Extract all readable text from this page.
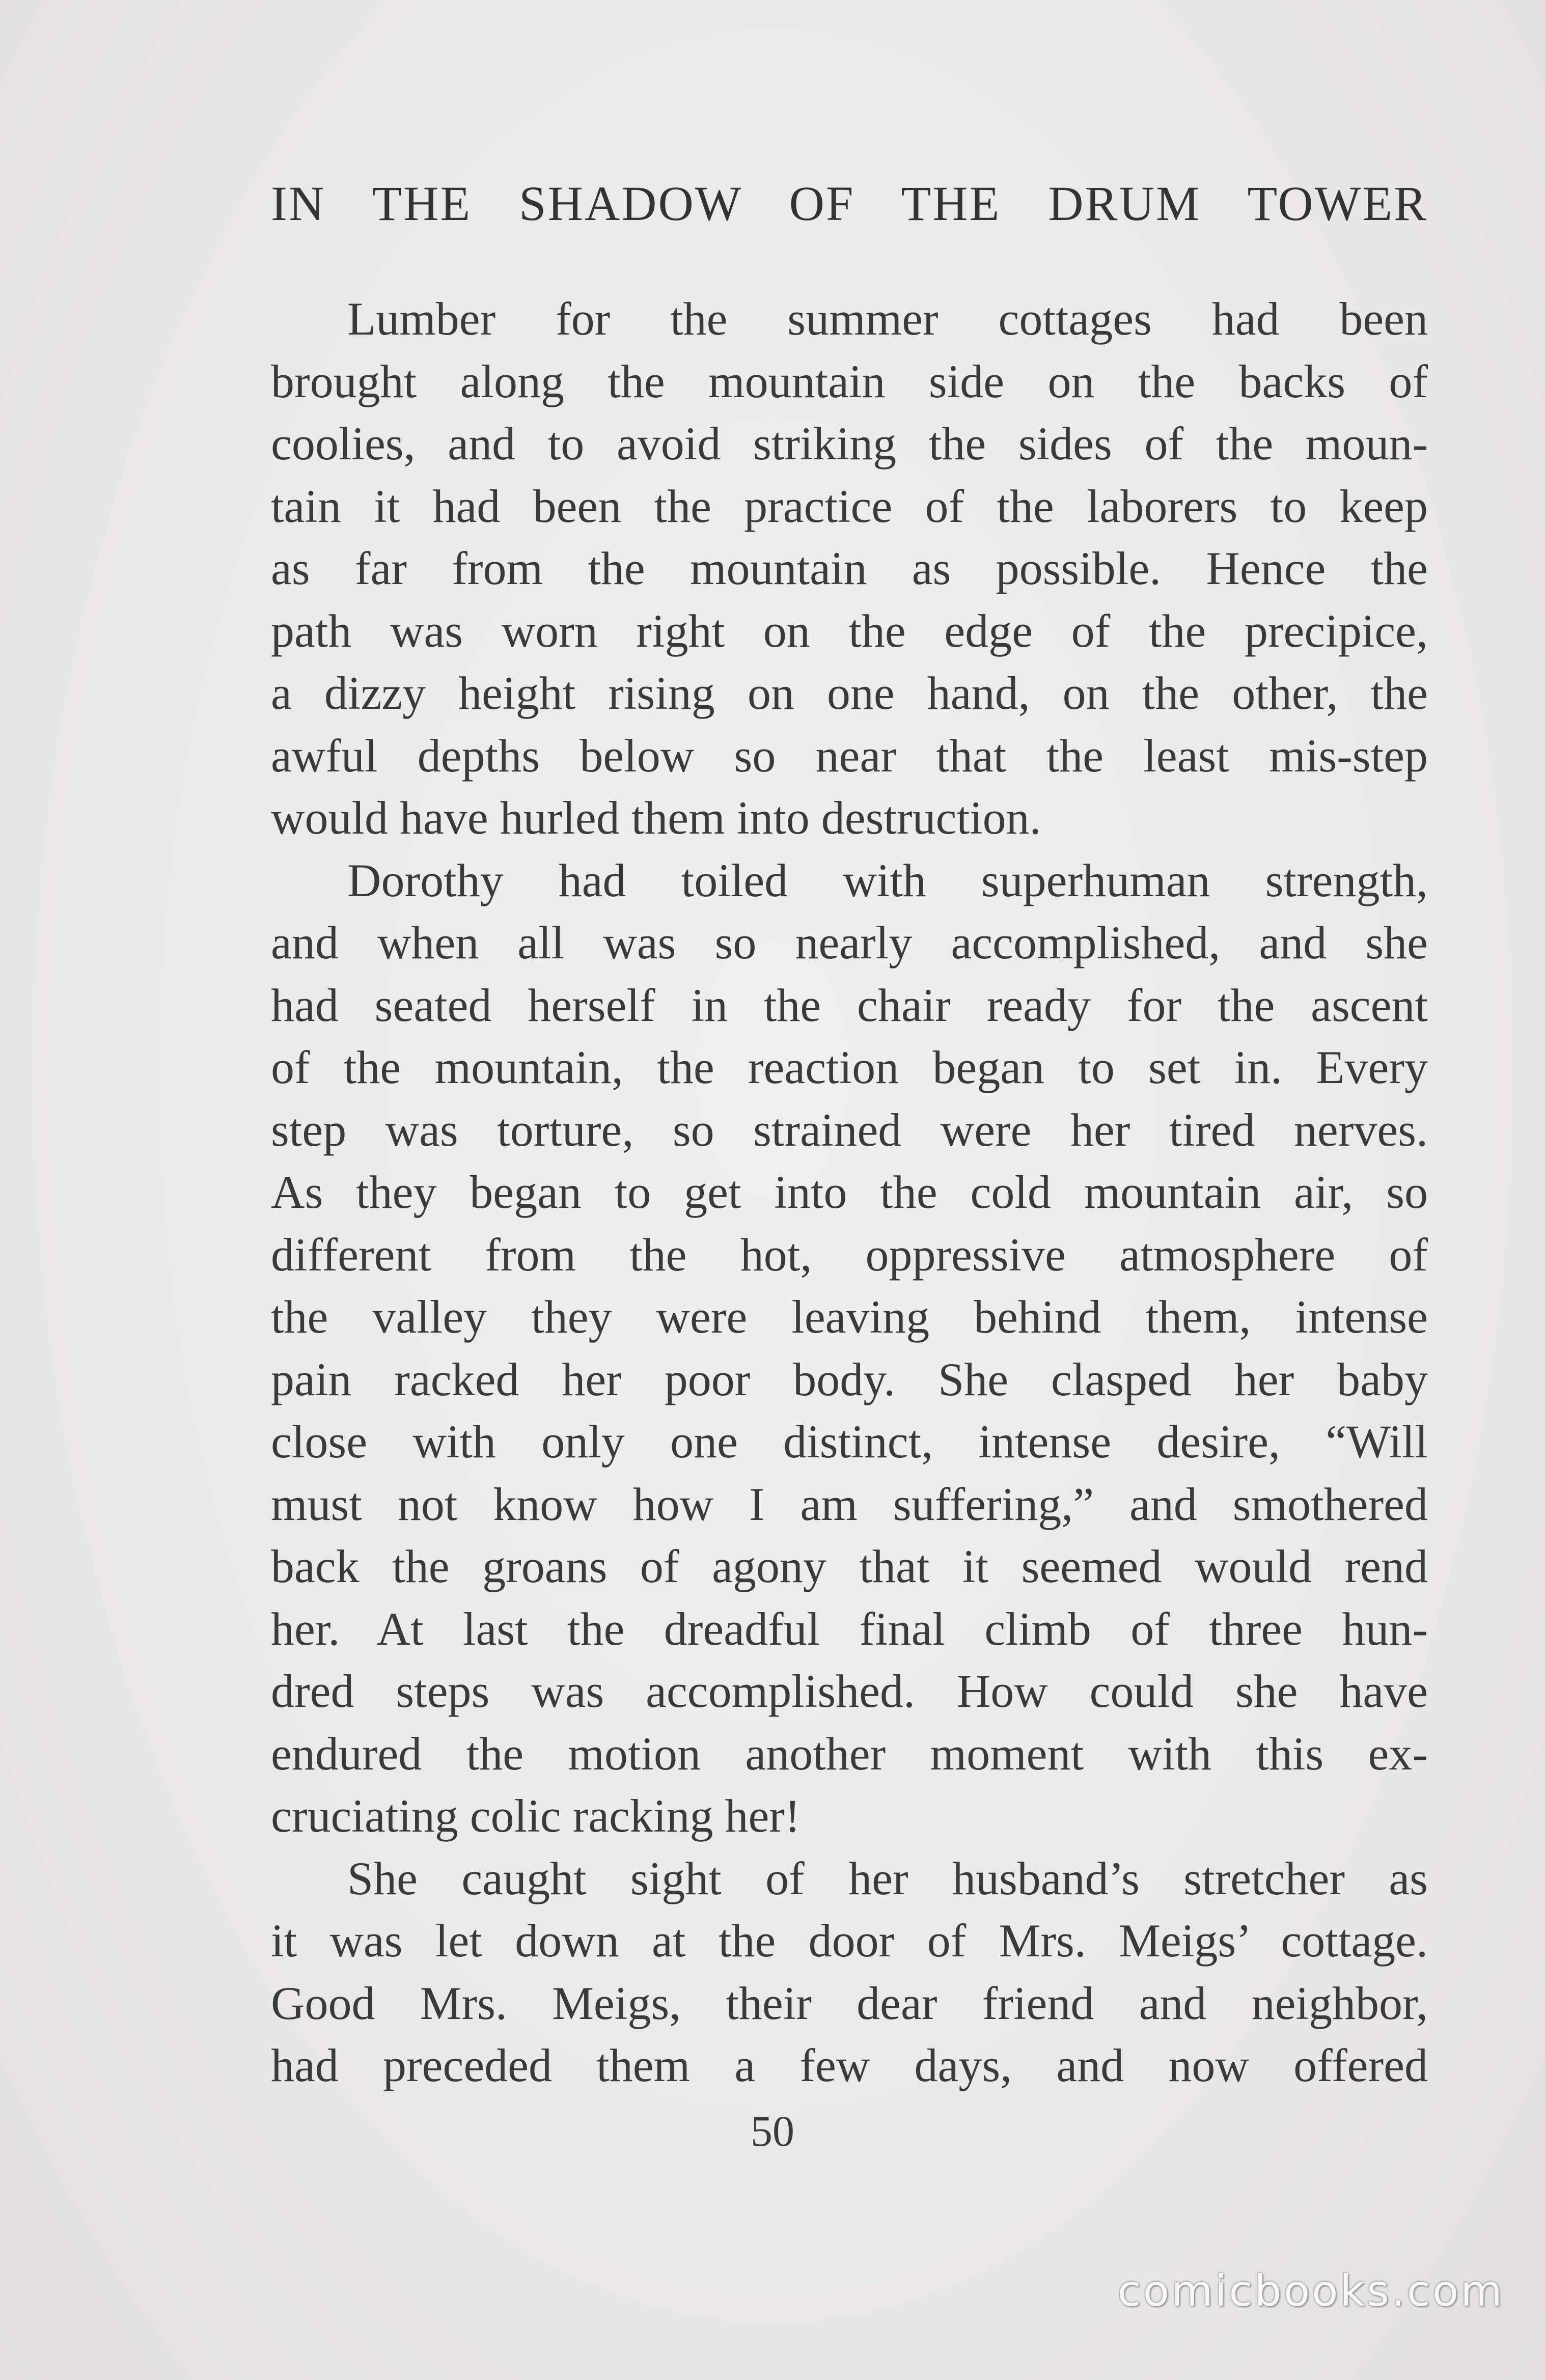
IN THE SHADOW OF THE DRUM TOWER
Lumber for the summer cottages had been
brought along the mountain side on the backs of
coolies, and to avoid striking the sides of the moun-
tain it had been the practice of the laborers to keep
as far from the mountain as possible. Hence the
path was worn right on the edge of the precipice,
a dizzy height rising on one hand, on the other, the
awful depths below so near that the least mis-step
would have hurled them into destruction.
Dorothy had toiled with superhuman strength,
and when all was so nearly accomplished, and she
had seated herself in the chair ready for the ascent
of the mountain, the reaction began to set in. Every
step was torture, so strained were her tired nerves.
As they began to get into the cold mountain air, so
different from the hot, oppressive atmosphere of
the valley they were leaving behind them, intense
pain racked her poor body. She clasped her baby
close with only one distinct, intense desire, “Will
must not know how I am suffering,” and smothered
back the groans of agony that it seemed would rend
her. At last the dreadful final climb of three hun-
dred steps was accomplished. How could she have
endured the motion another moment with this ex-
cruciating colic racking her!
She caught sight of her husband’s stretcher as
it was let down at the door of Mrs. Meigs’ cottage.
Good Mrs. Meigs, their dear friend and neighbor,
had preceded them a few days, and now offered
50
comicbooks.com
